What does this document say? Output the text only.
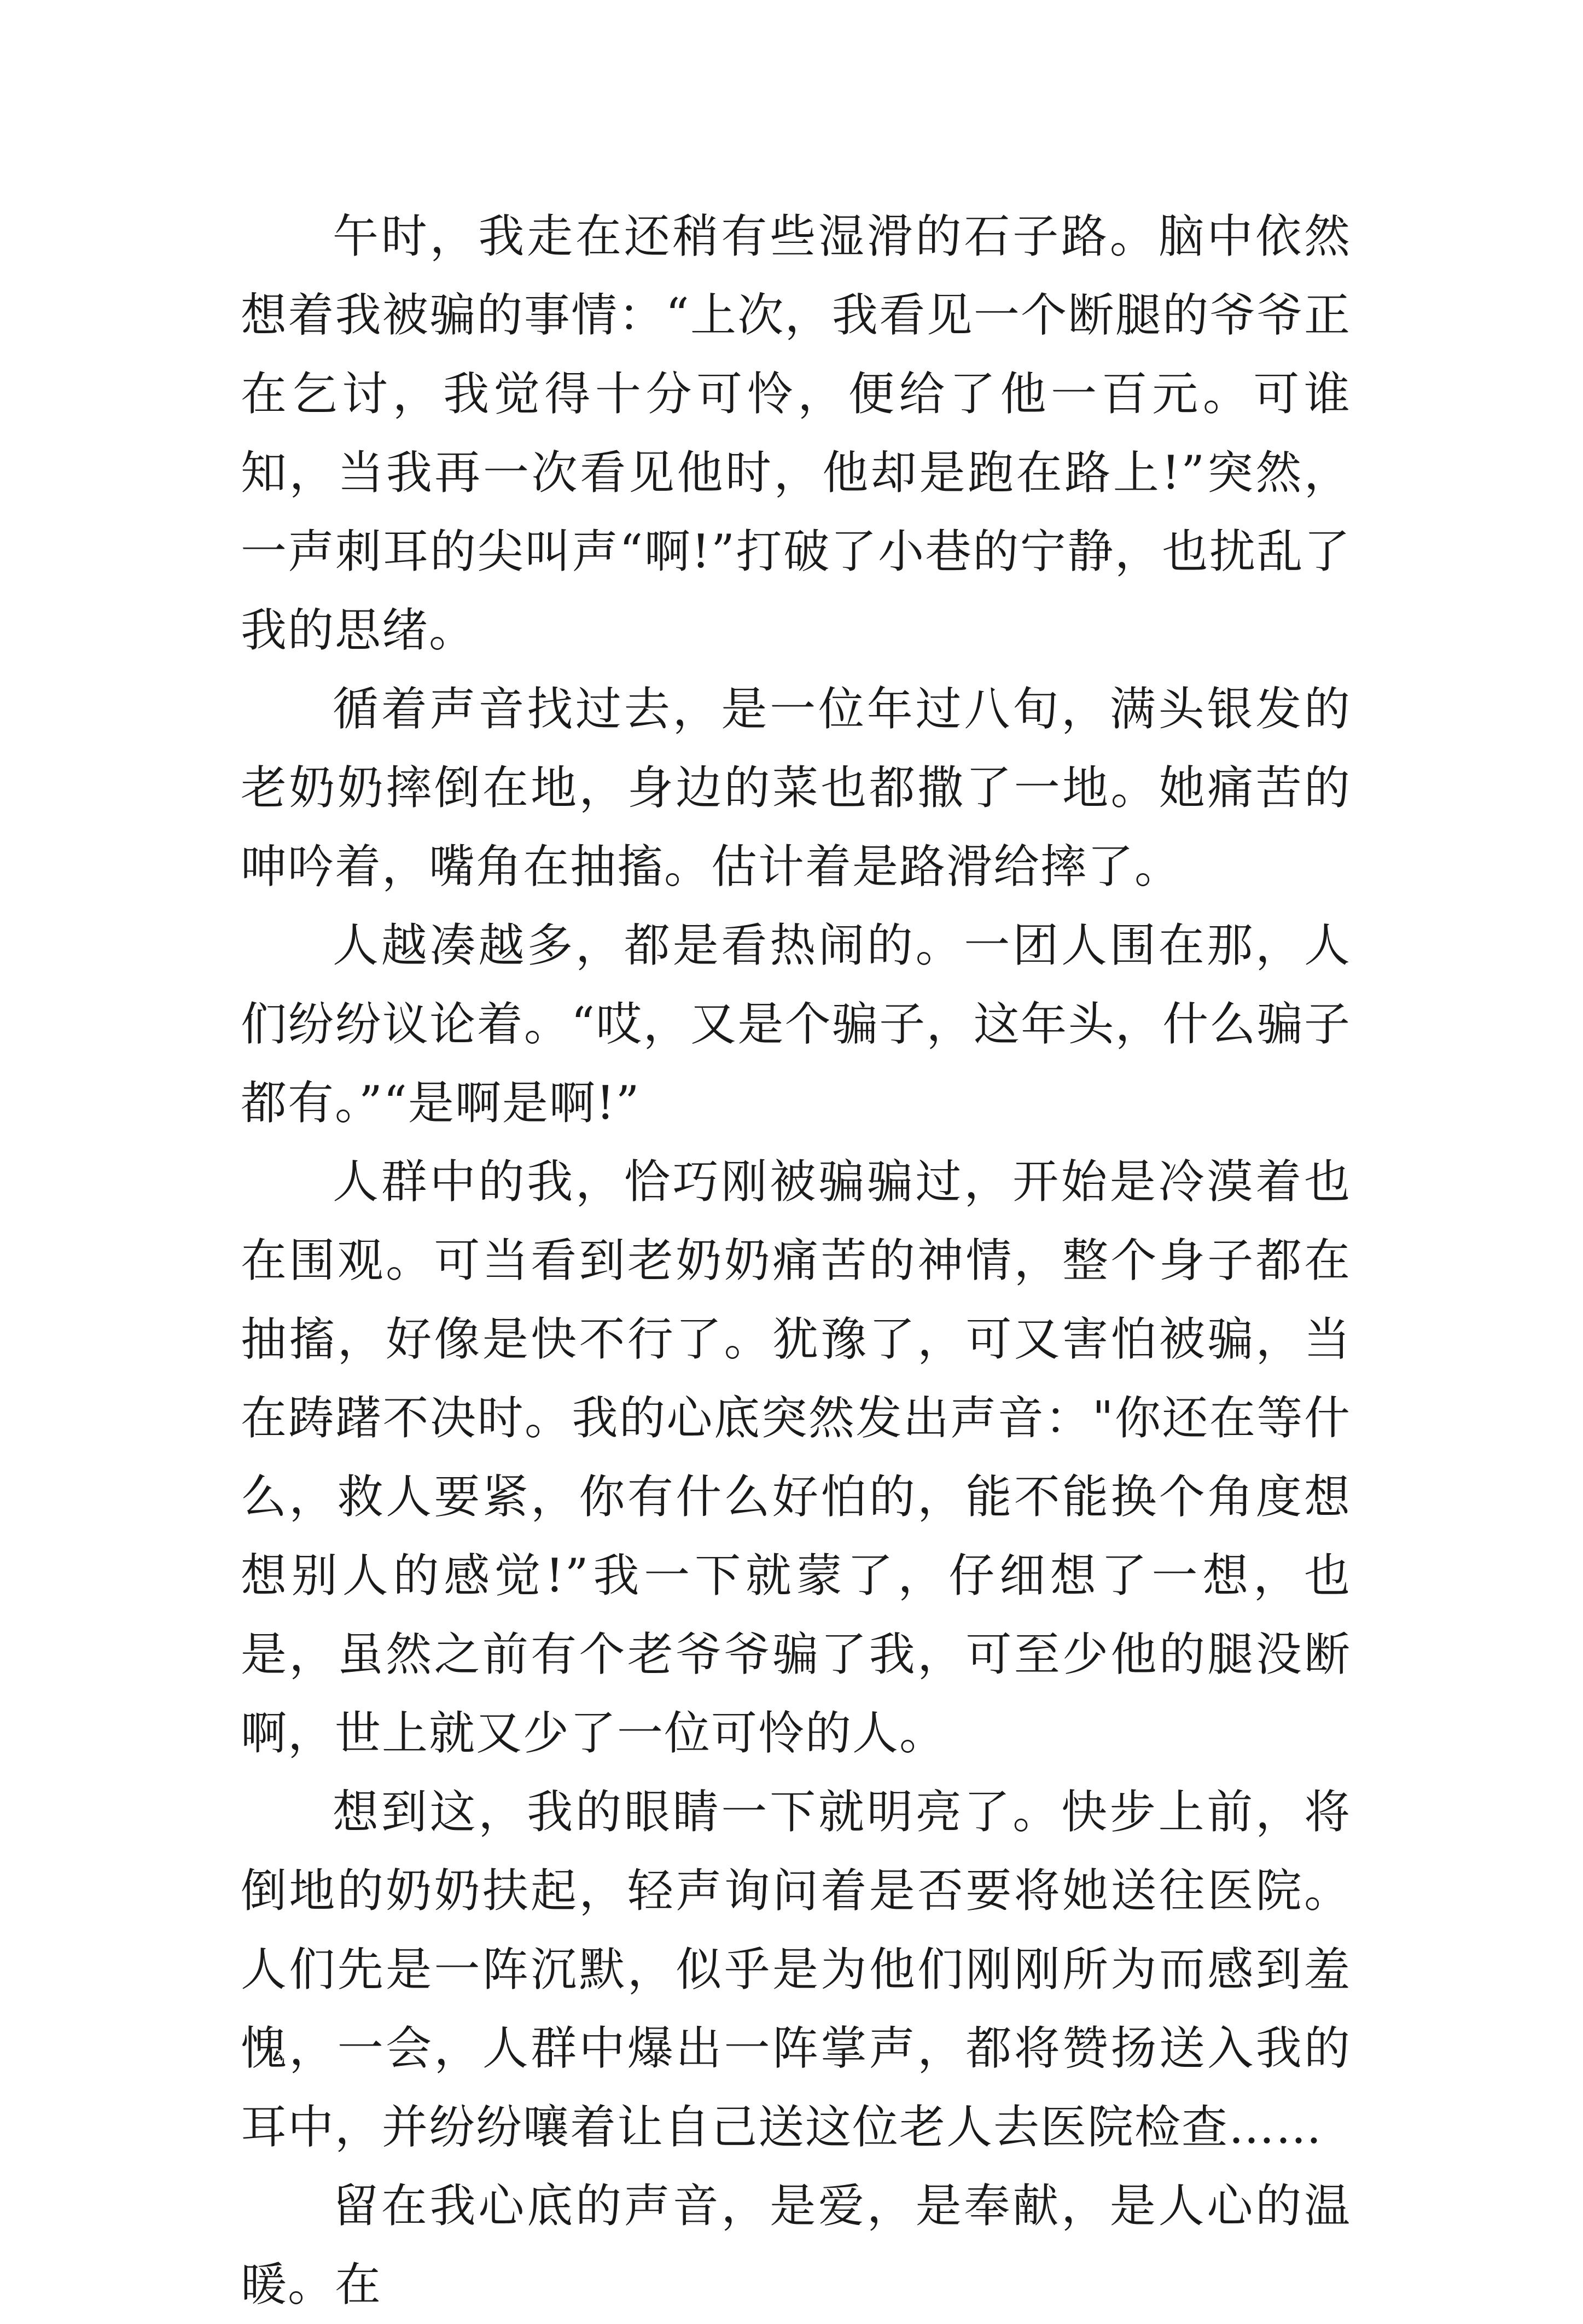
午时，我走在还稍有些湿滑的石子路。脑中依然想着我被骗的事情：“上次，我看见一个断腿的爷爷正在乞讨，我觉得十分可怜，便给了他一百元。可谁知，当我再一次看见他时，他却是跑在路上!”突然，一声刺耳的尖叫声“啊!”打破了小巷的宁静，也扰乱了我的思绪。

循着声音找过去，是一位年过八旬，满头银发的老奶奶摔倒在地，身边的菜也都撒了一地。她痛苦的呻吟着，嘴角在抽搐。估计着是路滑给摔了。

人越凑越多，都是看热闹的。一团人围在那，人们纷纷议论着。“哎，又是个骗子，这年头，什么骗子都有。”“是啊是啊!”

人群中的我，恰巧刚被骗骗过，开始是冷漠着也在围观。可当看到老奶奶痛苦的神情，整个身子都在抽搐，好像是快不行了。犹豫了，可又害怕被骗，当在踌躇不决时。我的心底突然发出声音："你还在等什么，救人要紧，你有什么好怕的，能不能换个角度想想别人的感觉!”我一下就蒙了，仔细想了一想，也是，虽然之前有个老爷爷骗了我，可至少他的腿没断啊，世上就又少了一位可怜的人。

想到这，我的眼睛一下就明亮了。快步上前，将倒地的奶奶扶起，轻声询问着是否要将她送往医院。人们先是一阵沉默，似乎是为他们刚刚所为而感到羞愧，一会，人群中爆出一阵掌声，都将赞扬送入我的耳中，并纷纷嚷着让自己送这位老人去医院检查……

留在我心底的声音，是爱，是奉献，是人心的温暖。在
